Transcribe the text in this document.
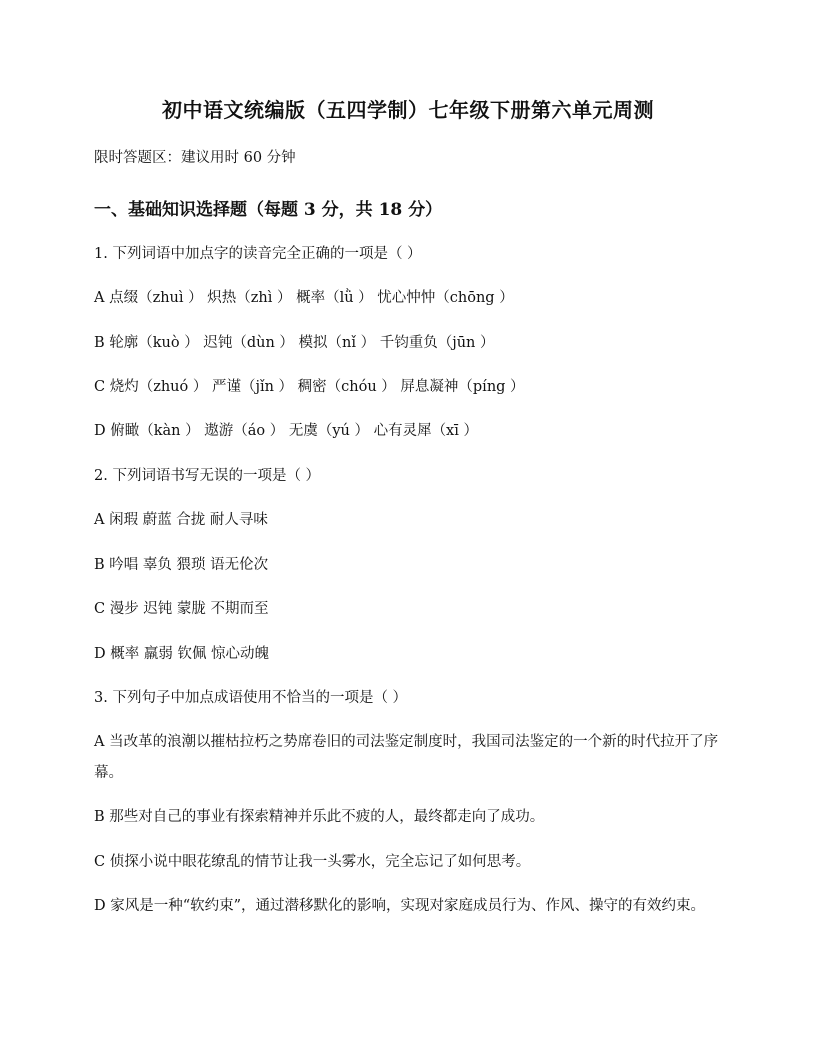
初中语文统编版（五四学制）七年级下册第六单元周测
限时答题区：建议用时 60 分钟
一、基础知识选择题（每题 3 分，共 18 分）
1. 下列词语中加点字的读音完全正确的一项是（ ）
A 点缀（zhuì ） 炽热（zhì ） 概率（lǜ ） 忧心忡忡（chōng ）
B 轮廓（kuò ） 迟钝（dùn ） 模拟（nǐ ） 千钧重负（jūn ）
C 烧灼（zhuó ） 严谨（jǐn ） 稠密（chóu ） 屏息凝神（píng ）
D 俯瞰（kàn ） 遨游（áo ） 无虞（yú ） 心有灵犀（xī ）
2. 下列词语书写无误的一项是（ ）
A 闲瑕 蔚蓝 合拢 耐人寻味
B 吟唱 辜负 猥琐 语无伦次
C 漫步 迟钝 蒙胧 不期而至
D 概率 羸弱 钦佩 惊心动魄
3. 下列句子中加点成语使用不恰当的一项是（ ）
A 当改革的浪潮以摧枯拉朽之势席卷旧的司法鉴定制度时，我国司法鉴定的一个新的时代拉开了序幕。
B 那些对自己的事业有探索精神并乐此不疲的人，最终都走向了成功。
C 侦探小说中眼花缭乱的情节让我一头雾水，完全忘记了如何思考。
D 家风是一种“软约束”，通过潜移默化的影响，实现对家庭成员行为、作风、操守的有效约束。
